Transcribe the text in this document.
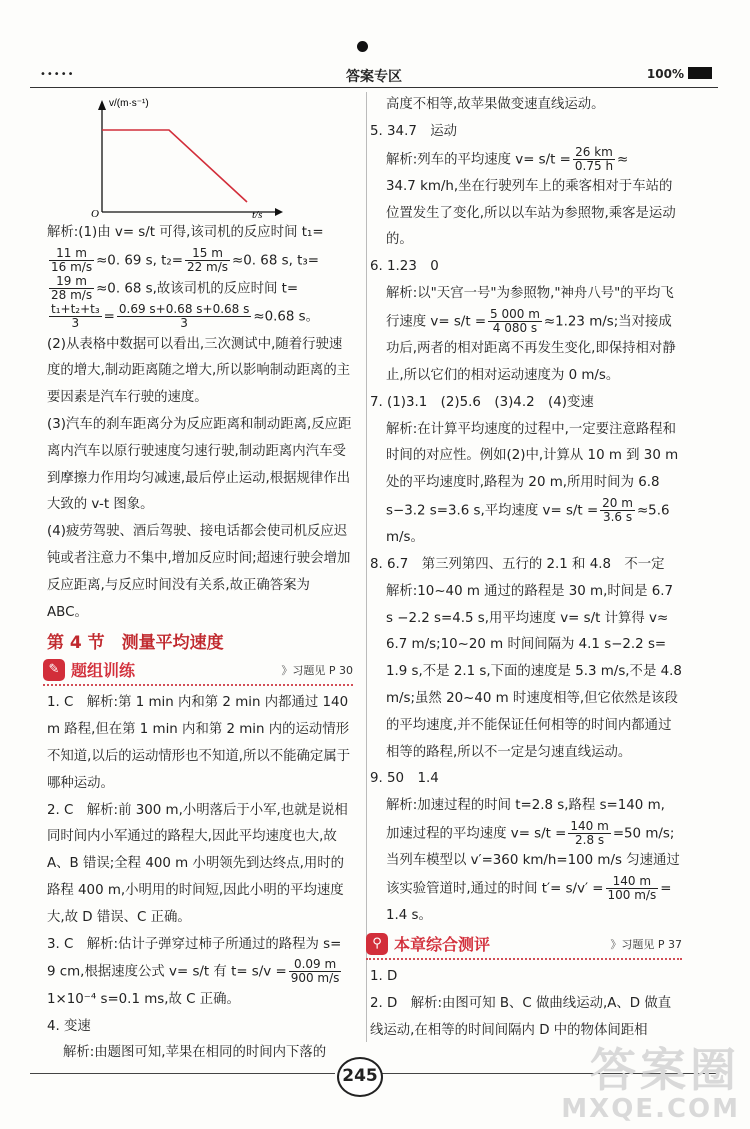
•••••	答案专区	100%
v/(m·s⁻¹)
t/s
O

解析:(1)由 v= s/t 可得,该司机的反应时间 t₁=

$\frac{11 m}{16 m/s} \approx 0$. 69 s, $t_2= \frac{15 m}{22 m/s} \approx 0$. 68 s, t₃=

$\frac{19 m}{28 m/s} \approx 0$. 68 s,故该司机的反应时间 t=

$\frac{\text{t₁+t₂+t₃}}{3} = \frac{0.69 s+0.68 s+0.68 s}{3} \approx 0.68$ s。

(2)从表格中数据可以看出,三次测试中,随着行驶速度的增大,制动距离随之增大,所以影响制动距离的主要因素是汽车行驶的速度。

(3)汽车的刹车距离分为反应距离和制动距离,反应距离内汽车以原行驶速度匀速行驶,制动距离内汽车受到摩擦力作用均匀减速,最后停止运动,根据规律作出大致的 v-t 图象。

(4)疲劳驾驶、酒后驾驶、接电话都会使司机反应迟钝或者注意力不集中,增加反应时间;超速行驶会增加反应距离,与反应时间没有关系,故正确答案为 ABC。

第 4 节　测量平均速度
✎ 题组训练	》习题见 P 30

1. C　解析:第 1 min 内和第 2 min 内都通过 140 m 路程,但在第 1 min 内和第 2 min 内的运动情形不知道,以后的运动情形也不知道,所以不能确定属于哪种运动。

2. C　解析:前 300 m,小明落后于小军,也就是说相同时间内小军通过的路程大,因此平均速度也大,故 A、B 错误;全程 400 m 小明领先到达终点,用时的路程 400 m,小明用的时间短,因此小明的平均速度大,故 D 错误、C 正确。

3. C　解析:估计子弹穿过柿子所通过的路程为 s=

9 cm,根据速度公式 v= s/t 有 $t= s/v = \frac{0.09 m}{900 m/s}$

1×10⁻⁴ s=0.1 ms,故 C 正确。

4. 变速

解析:由题图可知,苹果在相同的时间内下落的

高度不相等,故苹果做变速直线运动。

5. 34.7　运动

解析:列车的平均速度 $v= s/t = \frac{26 km}{0.75 h}$ ≈

34.7 km/h,坐在行驶列车上的乘客相对于车站的位置发生了变化,所以以车站为参照物,乘客是运动的。

6. 1.23　0

解析:以"天宫一号"为参照物,"神舟八号"的平均飞行速度 $v= s/t = \frac{5 000 m}{4 080 s} \approx 1.23$ m/s;当对接成功后,两者的相对距离不再发生变化,即保持相对静止,所以它们的相对运动速度为 0 m/s。

7. (1)3.1　(2)5.6　(3)4.2　(4)变速

解析:在计算平均速度的过程中,一定要注意路程和时间的对应性。例如(2)中,计算从 10 m 到 30 m 处的平均速度时,路程为 20 m,所用时间为 6.8 s−3.2 s=3.6 s,平均速度 $v= s/t = \frac{20 m}{3.6 s} \approx 5.6$ m/s。

8. 6.7　第三列第四、五行的 2.1 和 4.8　不一定

解析:10~40 m 通过的路程是 30 m,时间是 6.7 s −2.2 s=4.5 s,用平均速度 v= s/t 计算得 v≈ 6.7 m/s;10~20 m 时间间隔为 4.1 s−2.2 s= 1.9 s,不是 2.1 s,下面的速度是 5.3 m/s,不是 4.8 m/s;虽然 20~40 m 时速度相等,但它依然是该段的平均速度,并不能保证任何相等的时间内都通过相等的路程,所以不一定是匀速直线运动。

9. 50　1.4

解析:加速过程的时间 t=2.8 s,路程 s=140 m,

加速过程的平均速度 $v= s/t = \frac{140 m}{2.8 s} =50$ m/s;

当列车模型以 v′=360 km/h=100 m/s 匀速通过该实验管道时,通过的时间 $t'= s/v' = \frac{140 m}{100 m/s}$ =

1.4 s。

⚲ 本章综合测评	》习题见 P 37

1. D

2. D　解析:由图可知 B、C 做曲线运动,A、D 做直线运动,在相等的时间间隔内 D 中的物体间距相

245	答案圈
MXQE.COM
